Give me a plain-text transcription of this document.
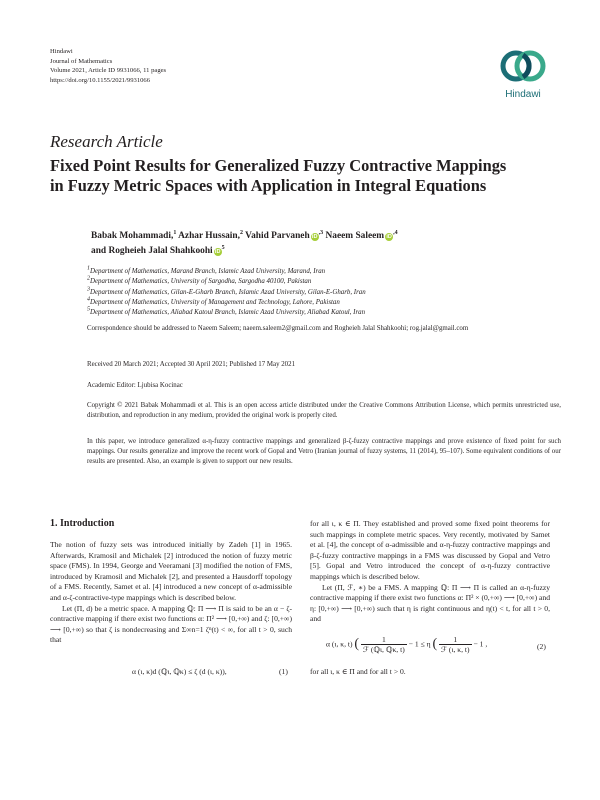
Hindawi
Journal of Mathematics
Volume 2021, Article ID 9931066, 11 pages
https://doi.org/10.1155/2021/9931066
Hindawi
Research Article
Fixed Point Results for Generalized Fuzzy Contractive Mappings
in Fuzzy Metric Spaces with Application in Integral Equations
Babak Mohammadi,$^1$ Azhar Hussain,$^2$ Vahid Parvaneh $iD^{,3}$ Naeem Saleem $iD^{,4}$
and Rogheieh Jalal Shahkoohi $iD^5$
$^1$Department of Mathematics, Marand Branch, Islamic Azad University, Marand, Iran
$^2$Department of Mathematics, University of Sargodha, Sargodha 40100, Pakistan
$^3$Department of Mathematics, Gilan-E-Gharb Branch, Islamic Azad University, Gilan-E-Gharb, Iran
$^4$Department of Mathematics, University of Management and Technology, Lahore, Pakistan
$^5$Department of Mathematics, Aliabad Katoul Branch, Islamic Azad University, Aliabad Katoul, Iran
Correspondence should be addressed to Naeem Saleem; naeem.saleem2@gmail.com and Rogheieh Jalal Shahkoohi; rog.jalal@gmail.com
Received 20 March 2021; Accepted 30 April 2021; Published 17 May 2021
Academic Editor: Ljubisa Kocinac
Copyright © 2021 Babak Mohammadi et al. This is an open access article distributed under the Creative Commons Attribution License, which permits unrestricted use, distribution, and reproduction in any medium, provided the original work is properly cited.
In this paper, we introduce generalized α-η-fuzzy contractive mappings and generalized β-ζ-fuzzy contractive mappings and prove existence of fixed point for such mappings. Our results generalize and improve the recent work of Gopal and Vetro (Iranian journal of fuzzy systems, 11 (2014), 95–107). Some equivalent conditions of our results are presented. Also, an example is given to support our new results.
1. Introduction

The notion of fuzzy sets was introduced initially by Zadeh [1] in 1965. Afterwards, Kramosil and Michalek [2] introduced the notion of fuzzy metric space (FMS). In 1994, George and Veeramani [3] modified the notion of FMS, introduced by Kramosil and Michalek [2], and presented a Hausdorff topology of a FMS. Recently, Samet et al. [4] introduced a new concept of α-admissible and α-ζ-contractive-type mappings which is described below.

Let (Π, d) be a metric space. A mapping ℚ: Π ⟶ Π is said to be an α − ζ-contractive mapping if there exist two functions α: Π² ⟶ [0,+∞) and ζ: [0,+∞) ⟶ [0,+∞) so that ζ is nondecreasing and Σ∞n=1 ζⁿ(t) < ∞, for all t > 0, such that

α (ι, κ)d (ℚι, ℚκ) ≤ ζ (d (ι, κ)),	(1)

for all ι, κ ∈ Π. They established and proved some fixed point theorems for such mappings in complete metric spaces. Very recently, motivated by Samet et al. [4], the concept of α-admissible and α-η-fuzzy contractive mappings and β-ζ-fuzzy contractive mappings in a FMS was discussed by Gopal and Vetro [5]. Gopal and Vetro introduced the concept of α-η-fuzzy contractive mappings which is described below.

Let (Π, ℱ, ∗) be a FMS. A mapping ℚ: Π ⟶ Π is called an α-η-fuzzy contractive mapping if there exist two functions α: Π² × (0,+∞) ⟶ [0,+∞) and η: [0,+∞) ⟶ [0,+∞) such that η is right continuous and η(t) < t, for all t > 0, and

α (ι, κ, t) ( $\frac{1}{\text{ℱ (ℚι, ℚκ, t)}} - 1 \le \eta$ ( $\frac{1}{\text{ℱ (ι, κ, t)}} - 1$ ,	(2)
for all ι, κ ∈ Π and for all t > 0.
